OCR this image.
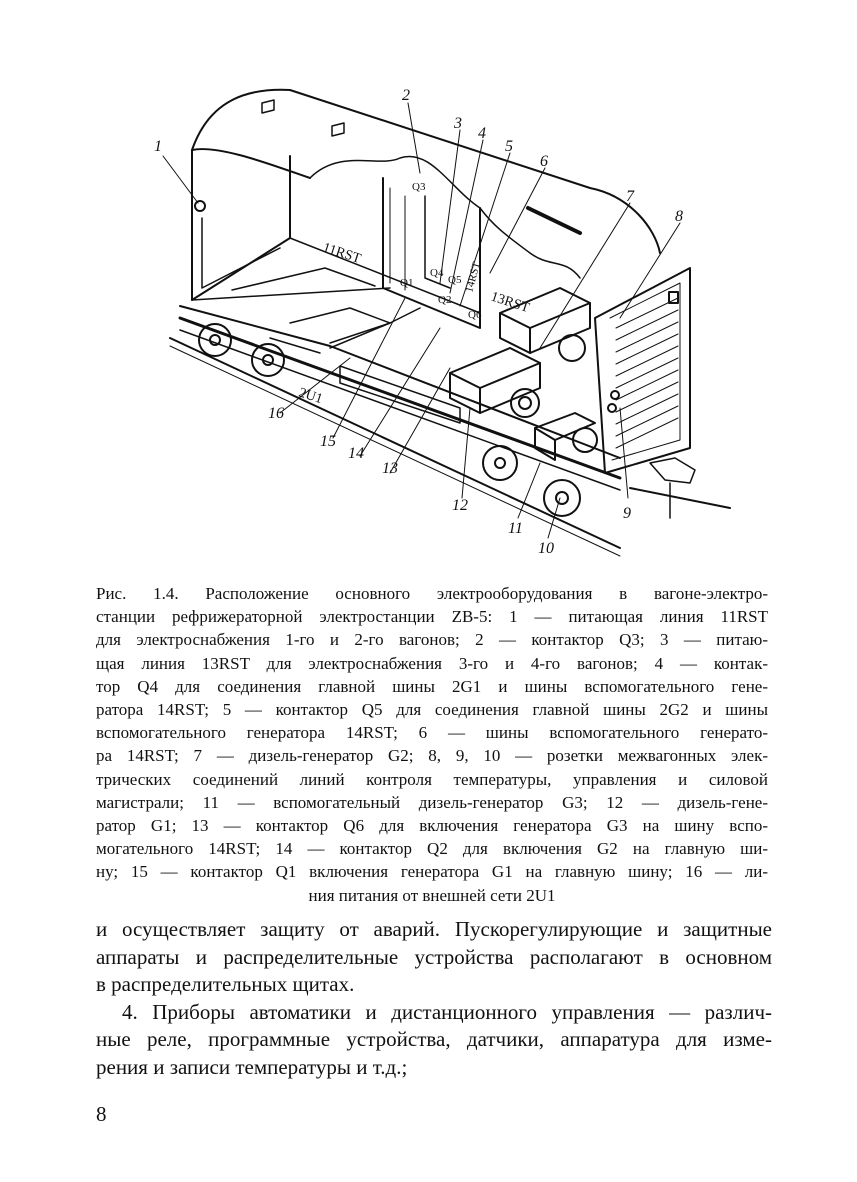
1
2
3
4
5
6
7
8
9
10
11
12
13
14
15
16
11RST
13RST
14RST
2U1
Q1
Q2
Q3
Q4
Q5
Q6
Рис. 1.4. Расположение основного электрооборудования в вагоне-электро-
станции рефрижераторной электростанции ZB-5: 1 — питающая линия 11RST
для электроснабжения 1-го и 2-го вагонов; 2 — контактор Q3; 3 — питаю-
щая линия 13RST для электроснабжения 3-го и 4-го вагонов; 4 — контак-
тор Q4 для соединения главной шины 2G1 и шины вспомогательного гене-
ратора 14RST; 5 — контактор Q5 для соединения главной шины 2G2 и шины
вспомогательного генератора 14RST; 6 — шины вспомогательного генерато-
ра 14RST; 7 — дизель-генератор G2; 8, 9, 10 — розетки межвагонных элек-
трических соединений линий контроля температуры, управления и силовой
магистрали; 11 — вспомогательный дизель-генератор G3; 12 — дизель-гене-
ратор G1; 13 — контактор Q6 для включения генератора G3 на шину вспо-
могательного 14RST; 14 — контактор Q2 для включения G2 на главную ши-
ну; 15 — контактор Q1 включения генератора G1 на главную шину; 16 — ли-
ния питания от внешней сети 2U1
и осуществляет защиту от аварий. Пускорегулирующие и защитные
аппараты и распределительные устройства располагают в основном
в распределительных щитах.
4. Приборы автоматики и дистанционного управления — различ-
ные реле, программные устройства, датчики, аппаратура для изме-
рения и записи температуры и т.д.;
8
